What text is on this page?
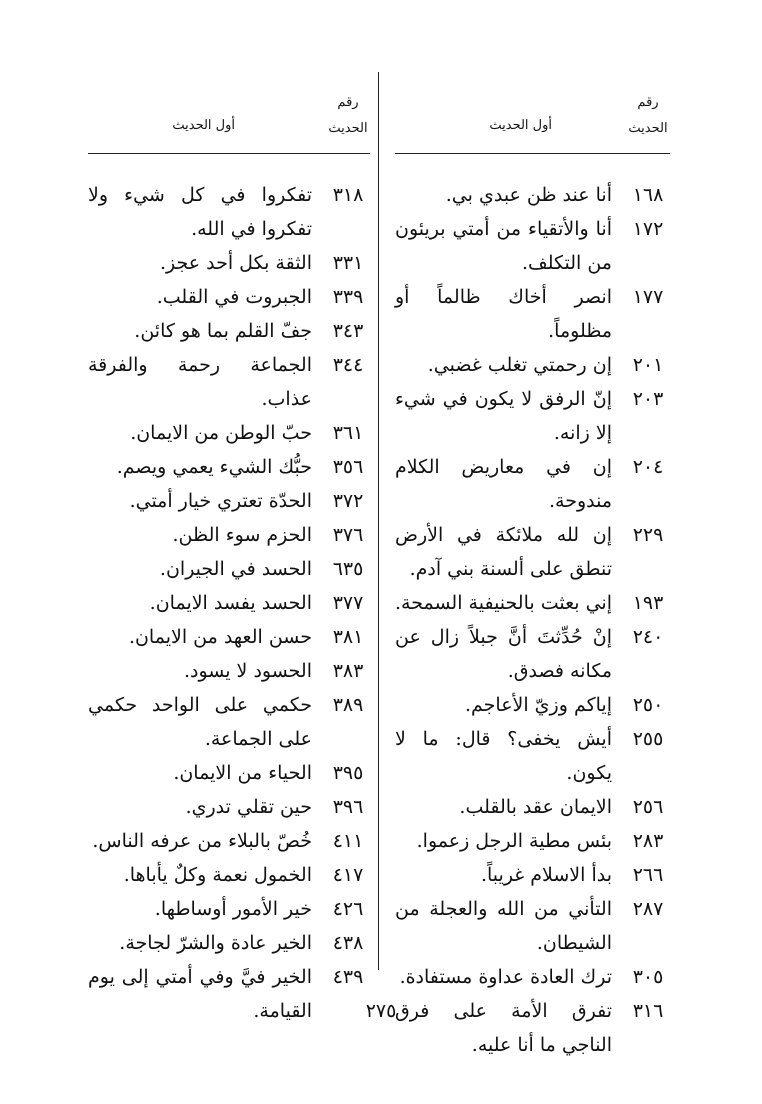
رقم
الحديث
أول الحديث
١٦٨
أنا عند ظن عبدي بي.
١٧٢
أنا والأتقياء من أمتي بريئون من التكلف.
١٧٧
انصر أخاك ظالماً أو مظلوماً.
٢٠١
إن رحمتي تغلب غضبي.
٢٠٣
إنّ الرفق لا يكون في شيء إلا زانه.
٢٠٤
إن في معاريض الكلام مندوحة.
٢٢٩
إن لله ملائكة في الأرض تنطق على ألسنة بني آدم.
١٩٣
إني بعثت بالحنيفية السمحة.
٢٤٠
إنْ حُدِّثتَ أنَّ جبلاً زال عن مكانه فصدق.
٢٥٠
إياكم وزيّ الأعاجم.
٢٥٥
أيش يخفى؟ قال: ما لا يكون.
٢٥٦
الايمان عقد بالقلب.
٢٨٣
بئس مطية الرجل زعموا.
٢٦٦
بدأ الاسلام غريباً.
٢٨٧
التأني من الله والعجلة من الشيطان.
٣٠٥
ترك العادة عداوة مستفادة.
٣١٦
تفرق الأمة على فرق الناجي ما أنا عليه.
رقم
الحديث
أول الحديث
٣١٨
تفكروا في كل شيء ولا تفكروا في الله.
٣٣١
الثقة بكل أحد عجز.
٣٣٩
الجبروت في القلب.
٣٤٣
جفّ القلم بما هو كائن.
٣٤٤
الجماعة رحمة والفرقة عذاب.
٣٦١
حبّ الوطن من الايمان.
٣٥٦
حبُّك الشيء يعمي ويصم.
٣٧٢
الحدّة تعتري خيار أمتي.
٣٧٦
الحزم سوء الظن.
٦٣٥
الحسد في الجيران.
٣٧٧
الحسد يفسد الايمان.
٣٨١
حسن العهد من الايمان.
٣٨٣
الحسود لا يسود.
٣٨٩
حكمي على الواحد حكمي على الجماعة.
٣٩٥
الحياء من الايمان.
٣٩٦
حين تقلي تدري.
٤١١
خُصّ بالبلاء من عرفه الناس.
٤١٧
الخمول نعمة وكلٌ يأباها.
٤٢٦
خير الأمور أوساطها.
٤٣٨
الخير عادة والشرّ لجاجة.
٤٣٩
الخير فيَّ وفي أمتي إلى يوم القيامة.	٢٧٥
